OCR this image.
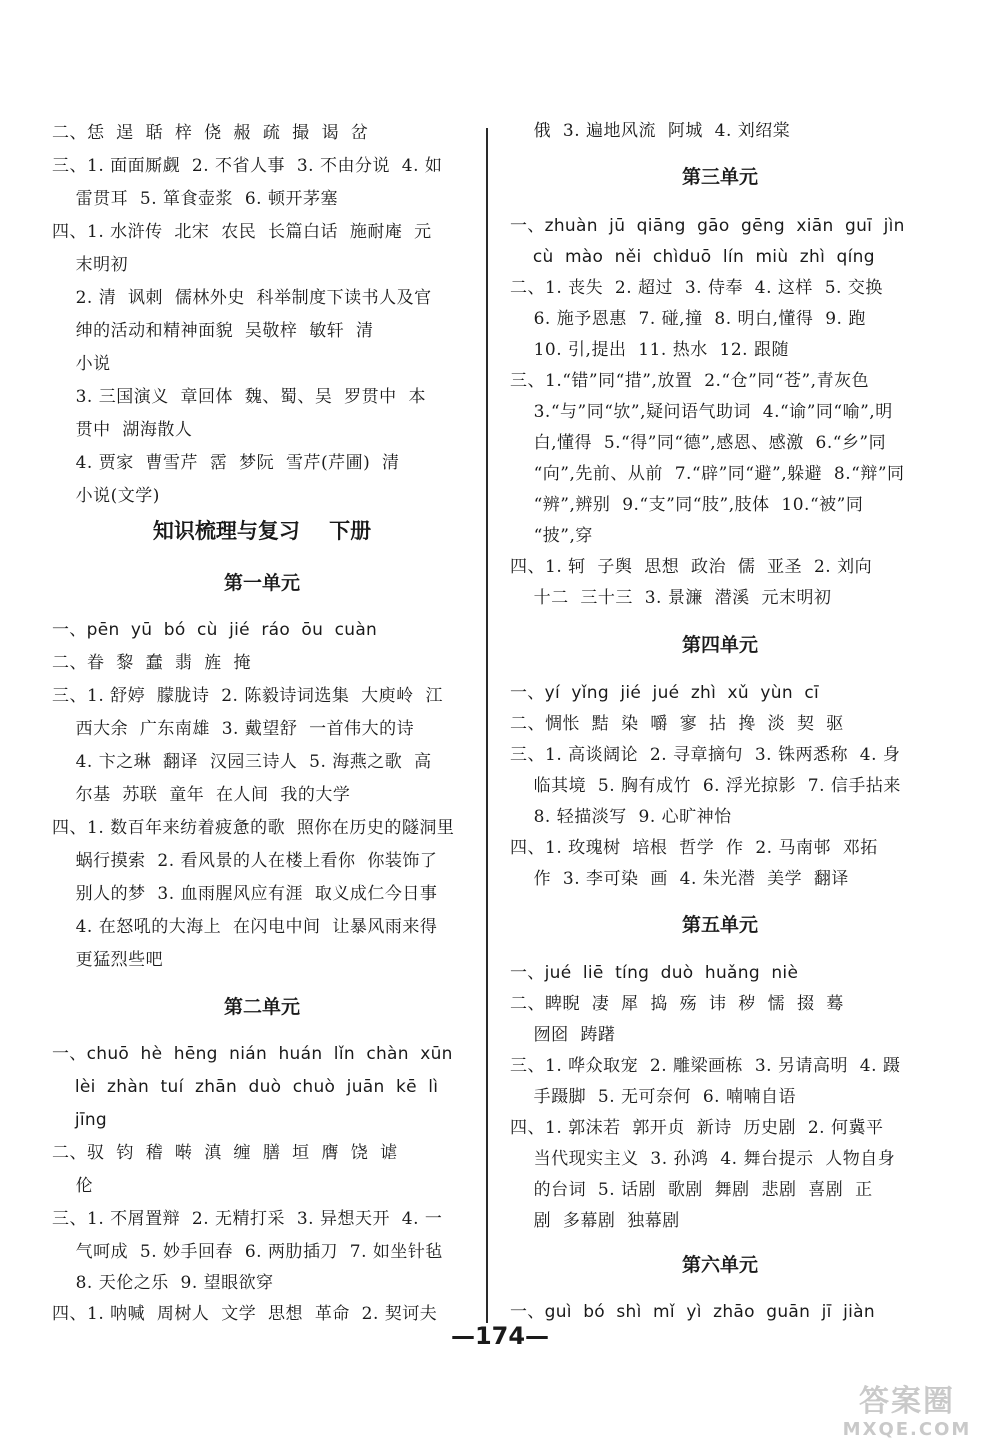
二、恁  逞  聒  梓  侥  赧  疏  撮  谒  岔
三、1. 面面厮觑  2. 不省人事  3. 不由分说  4. 如
雷贯耳  5. 箪食壶浆  6. 顿开茅塞
四、1. 水浒传  北宋  农民  长篇白话  施耐庵  元
末明初
2. 清  讽刺  儒林外史  科举制度下读书人及官
绅的活动和精神面貌  吴敬梓  敏轩  清
小说
3. 三国演义  章回体  魏、蜀、吴  罗贯中  本
贯中  湖海散人
4. 贾家  曹雪芹  霑  梦阮  雪芹(芹圃)  清
小说(文学)
知识梳理与复习    下册
第一单元
一、pēn  yū  bó  cù  jié  ráo  ōu  cuàn
二、眷  黎  蠢  翡  旌  掩
三、1. 舒婷  朦胧诗  2. 陈毅诗词选集  大庾岭  江
西大余  广东南雄  3. 戴望舒  一首伟大的诗
4. 卞之琳  翻译  汉园三诗人  5. 海燕之歌  高
尔基  苏联  童年  在人间  我的大学
四、1. 数百年来纺着疲惫的歌  照你在历史的隧洞里
蜗行摸索  2. 看风景的人在楼上看你  你装饰了
别人的梦  3. 血雨腥风应有涯  取义成仁今日事
4. 在怒吼的大海上  在闪电中间  让暴风雨来得
更猛烈些吧
第二单元
一、chuō  hè  hēng  nián  huán  lǐn  chàn  xūn
lèi  zhàn  tuí  zhān  duò  chuò  juān  kē  lì
jīng
二、驭  钧  稽  啭  滇  缠  膳  垣  膺  饶  谑
伦
三、1. 不屑置辩  2. 无精打采  3. 异想天开  4. 一
气呵成  5. 妙手回春  6. 两肋插刀  7. 如坐针毡
8. 天伦之乐  9. 望眼欲穿
四、1. 呐喊  周树人  文学  思想  革命  2. 契诃夫
俄  3. 遍地风流  阿城  4. 刘绍棠
第三单元
一、zhuàn  jū  qiāng  gāo  gēng  xiān  guī  jìn
cù  mào  něi  chìduō  lín  miù  zhì  qíng
二、1. 丧失  2. 超过  3. 侍奉  4. 这样  5. 交换
6. 施予恩惠  7. 碰,撞  8. 明白,懂得  9. 跑
10. 引,提出  11. 热水  12. 跟随
三、1.“错”同“措”,放置  2.“仓”同“苍”,青灰色
3.“与”同“欤”,疑问语气助词  4.“谕”同“喻”,明
白,懂得  5.“得”同“德”,感恩、感激  6.“乡”同
“向”,先前、从前  7.“辟”同“避”,躲避  8.“辩”同
“辨”,辨别  9.“支”同“肢”,肢体  10.“被”同
“披”,穿
四、1. 轲  子舆  思想  政治  儒  亚圣  2. 刘向
十二  三十三  3. 景濂  潜溪  元末明初
第四单元
一、yí  yǐng  jié  jué  zhì  xǔ  yùn  cī
二、惆怅  黠  染  嚼  寥  拈  搀  淡  契  驱
三、1. 高谈阔论  2. 寻章摘句  3. 铢两悉称  4. 身
临其境  5. 胸有成竹  6. 浮光掠影  7. 信手拈来
8. 轻描淡写  9. 心旷神怡
四、1. 玫瑰树  培根  哲学  作  2. 马南邨  邓拓
作  3. 李可染  画  4. 朱光潜  美学  翻译
第五单元
一、jué  liē  tíng  duò  huǎng  niè
二、睥睨  凄  犀  捣  殇  讳  秽  懦  掇  蓦
囫囵  踌躇
三、1. 哗众取宠  2. 雕梁画栋  3. 另请高明  4. 蹑
手蹑脚  5. 无可奈何  6. 喃喃自语
四、1. 郭沫若  郭开贞  新诗  历史剧  2. 何冀平
当代现实主义  3. 孙鸿  4. 舞台提示  人物自身
的台词  5. 话剧  歌剧  舞剧  悲剧  喜剧  正
剧  多幕剧  独幕剧
第六单元
一、guì  bó  shì  mǐ  yì  zhāo  guān  jī  jiàn
—174—
答案圈
MXQE.COM
